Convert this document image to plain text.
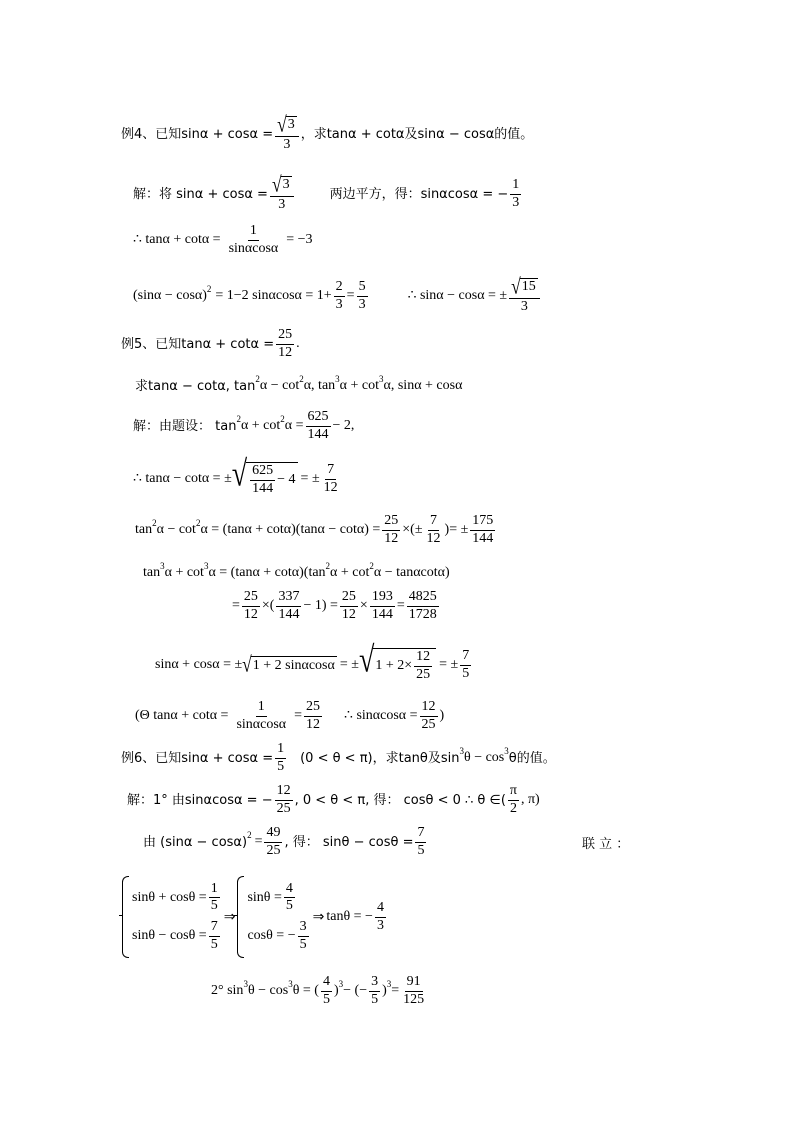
例4、已知$\sin\alpha + \cos\alpha = \frac{√ 3}{3}$ ，求tanα + cotα及sinα − cosα的值。
解：将 $\sin\alpha + \cos\alpha = \frac{√ 3}{3}$	两边平方，得：sinαcosα = − $\frac{1}{3}$
∴ $\tan\alpha + \cot\alpha = \frac{1}{\sin\alpha\cos\alpha} = -3$
(sinα − cosα) 2 = 1−2 $\sin\alpha\cos\alpha = 1+ \frac{2}{3} = \frac{5}{3}$	∴ sinα − cosα = ± $\frac{√ 15}{3}$
例5、已知$\tan\alpha + \cot\alpha = \frac{25}{12}$ .
求tanα − cotα, tan 2 α − cot 2 α, tan 3 α + cot 3 α, sinα + cosα
解：由题设： tan 2 α + cot 2 $\alpha = \frac{625}{144} - 2$,
∴ tanα − cotα = ± √ $\frac{625}{144} - 4$ = ± $\frac{7}{12}$
tan 2 α − cot 2 $\alpha = (\tan\alpha + \cot\alpha)(\tan\alpha - \cot\alpha) = \frac{25}{12}$ ×(± $\frac{7}{12}$ )= ± $\frac{175}{144}$
tan 3 α + cot 3 α = (tanα + cotα)(tan 2 α + cot 2 α − tanαcotα)
= $\frac{25}{12}$ ×( $\frac{337}{144} - 1) = \frac{25}{12} \times \frac{193}{144} = \frac{4825}{1728}$
sinα + cosα = ± √ 1 + 2 sinαcosα = ± √ $1 + 2\times \frac{12}{25}$ = ± $\frac{7}{5}$
(Θ $\tan\alpha + \cot\alpha = \frac{1}{\sin\alpha\cos\alpha} = \frac{25}{12}$ ∴ $\sin\alpha\cos\alpha = \frac{12}{25}$ )
例6、已知$\sin\alpha + \cos\alpha = \frac{1}{5} (0 < \theta < \pi)$，求tanθ及sin 3 θ − cos 3 θ的值。
解：1° 由sinαcosα = − $\frac{12}{25}$ , 0 < θ < π, 得： cosθ < 0 ∴ θ ∈( $\frac{\pi}{2}$ , π)
由 (sinα − cosα) $2 = \frac{49}{25}$ , 得： $\sin\theta - \cos\theta = \frac{7}{5}$	联 立 ：
$\sin\theta + \cos\theta = \frac{1}{5}$
$\sin\theta - \cos\theta = \frac{7}{5}$
⇒
$\sin\theta = \frac{4}{5}$
cosθ = − $\frac{3}{5}$
⇒ tanθ = − $\frac{4}{3}$
2° sin 3 θ − cos 3 θ = ( $\frac{4}{5}$ ) 3 − (− $\frac{3}{5}$ ) $3 = \frac{91}{125}$
